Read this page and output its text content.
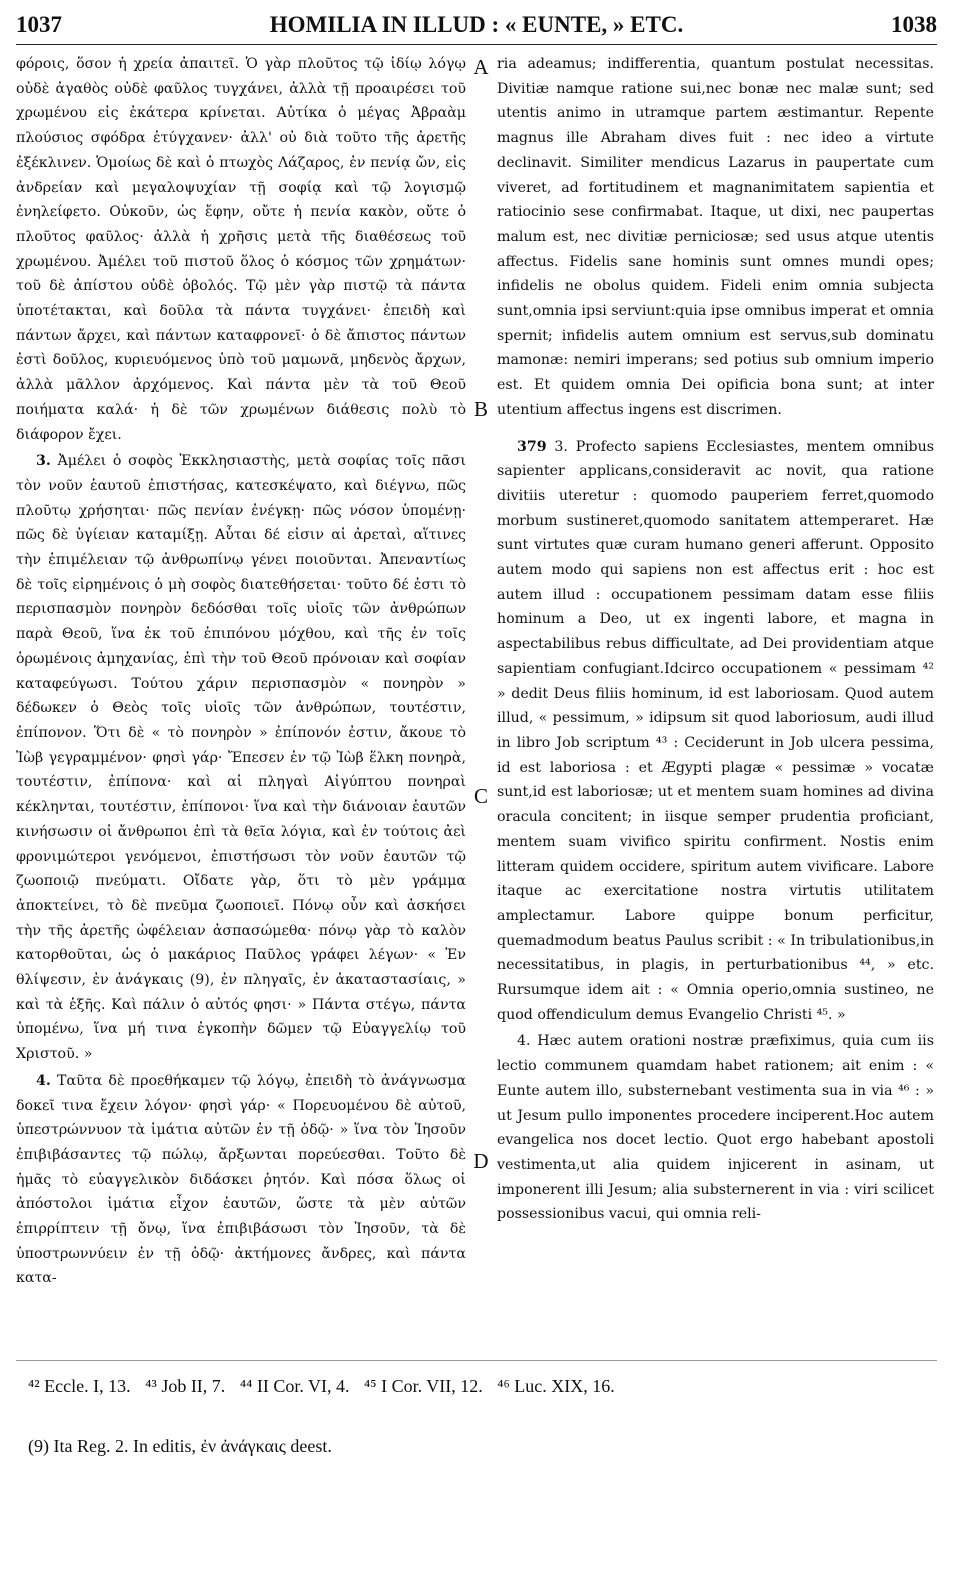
1037	HOMILIA IN ILLUD : « EUNTE, » ETC.	1038

φόροις, ὅσον ἡ χρεία ἀπαιτεῖ. Ὁ γὰρ πλοῦτος τῷ ἰδίῳ λόγῳ οὐδὲ ἀγαθὸς οὐδὲ φαῦλος τυγχάνει, ἀλλὰ τῇ προαιρέσει τοῦ χρωμένου εἰς ἑκάτερα κρίνεται. Αὐτίκα ὁ μέγας Ἀβραὰμ πλούσιος σφόδρα ἐτύγχανεν· ἀλλ' οὐ διὰ τοῦτο τῆς ἀρετῆς ἐξέκλινεν. Ὁμοίως δὲ καὶ ὁ πτωχὸς Λάζαρος, ἐν πενίᾳ ὤν, εἰς ἀνδρείαν καὶ μεγαλοψυχίαν τῇ σοφίᾳ καὶ τῷ λογισμῷ ἐνηλείφετο. Οὐκοῦν, ὡς ἔφην, οὔτε ἡ πενία κακὸν, οὔτε ὁ πλοῦτος φαῦλος· ἀλλὰ ἡ χρῆσις μετὰ τῆς διαθέσεως τοῦ χρωμένου. Ἀμέλει τοῦ πιστοῦ ὅλος ὁ κόσμος τῶν χρημάτων· τοῦ δὲ ἀπίστου οὐδὲ ὀβολός. Τῷ μὲν γὰρ πιστῷ τὰ πάντα ὑποτέτακται, καὶ δοῦλα τὰ πάντα τυγχάνει· ἐπειδὴ καὶ πάντων ἄρχει, καὶ πάντων καταφρονεῖ· ὁ δὲ ἄπιστος πάντων ἐστὶ δοῦλος, κυριευόμενος ὑπὸ τοῦ μαμωνᾶ, μηδενὸς ἄρχων, ἀλλὰ μᾶλλον ἀρχόμενος. Καὶ πάντα μὲν τὰ τοῦ Θεοῦ ποιήματα καλά· ἡ δὲ τῶν χρωμένων διάθεσις πολὺ τὸ διάφορον ἔχει.

3. Ἀμέλει ὁ σοφὸς Ἐκκλησιαστὴς, μετὰ σοφίας τοῖς πᾶσι τὸν νοῦν ἑαυτοῦ ἐπιστήσας, κατεσκέψατο, καὶ διέγνω, πῶς πλοῦτῳ χρήσηται· πῶς πενίαν ἐνέγκῃ· πῶς νόσον ὑπομένῃ· πῶς δὲ ὑγίειαν καταμίξῃ. Αὗται δέ εἰσιν αἱ ἀρεταὶ, αἵτινες τὴν ἐπιμέλειαν τῷ ἀνθρωπίνῳ γένει ποιοῦνται. Ἀπεναντίως δὲ τοῖς εἰρημένοις ὁ μὴ σοφὸς διατεθήσεται· τοῦτο δέ ἐστι τὸ περισπασμὸν πονηρὸν δεδόσθαι τοῖς υἱοῖς τῶν ἀνθρώπων παρὰ Θεοῦ, ἵνα ἐκ τοῦ ἐπιπόνου μόχθου, καὶ τῆς ἐν τοῖς ὁρωμένοις ἀμηχανίας, ἐπὶ τὴν τοῦ Θεοῦ πρόνοιαν καὶ σοφίαν καταφεύγωσι. Τούτου χάριν περισπασμὸν « πονηρὸν » δέδωκεν ὁ Θεὸς τοῖς υἱοῖς τῶν ἀνθρώπων, τουτέστιν, ἐπίπονον. Ὅτι δὲ « τὸ πονηρὸν » ἐπίπονόν ἐστιν, ἄκουε τὸ Ἰὼβ γεγραμμένον· φησὶ γάρ· Ἔπεσεν ἐν τῷ Ἰὼβ ἕλκη πονηρὰ, τουτέστιν, ἐπίπονα· καὶ αἱ πληγαὶ Αἰγύπτου πονηραὶ κέκληνται, τουτέστιν, ἐπίπονοι· ἵνα καὶ τὴν διάνοιαν ἑαυτῶν κινήσωσιν οἱ ἄνθρωποι ἐπὶ τὰ θεῖα λόγια, καὶ ἐν τούτοις ἀεὶ φρονιμώτεροι γενόμενοι, ἐπιστήσωσι τὸν νοῦν ἑαυτῶν τῷ ζωοποιῷ πνεύματι. Οἴδατε γὰρ, ὅτι τὸ μὲν γράμμα ἀποκτείνει, τὸ δὲ πνεῦμα ζωοποιεῖ. Πόνῳ οὖν καὶ ἀσκήσει τὴν τῆς ἀρετῆς ὠφέλειαν ἀσπασώμεθα· πόνῳ γὰρ τὸ καλὸν κατορθοῦται, ὡς ὁ μακάριος Παῦλος γράφει λέγων· « Ἐν θλίψεσιν, ἐν ἀνάγκαις (9), ἐν πληγαῖς, ἐν ἀκαταστασίαις, » καὶ τὰ ἑξῆς. Καὶ πάλιν ὁ αὐτός φησι· » Πάντα στέγω, πάντα ὑπομένω, ἵνα μή τινα ἐγκοπὴν δῶμεν τῷ Εὐαγγελίῳ τοῦ Χριστοῦ. »

4. Ταῦτα δὲ προεθήκαμεν τῷ λόγῳ, ἐπειδὴ τὸ ἀνάγνωσμα δοκεῖ τινα ἔχειν λόγον· φησὶ γάρ· « Πορευομένου δὲ αὐτοῦ, ὑπεστρώννυον τὰ ἱμάτια αὐτῶν ἐν τῇ ὁδῷ· » ἵνα τὸν Ἰησοῦν ἐπιβιβάσαντες τῷ πώλῳ, ἄρξωνται πορεύεσθαι. Τοῦτο δὲ ἡμᾶς τὸ εὐαγγελικὸν διδάσκει ῥητόν. Καὶ πόσα ὅλως οἱ ἀπόστολοι ἱμάτια εἶχον ἑαυτῶν, ὥστε τὰ μὲν αὐτῶν ἐπιρρίπτειν τῇ ὄνῳ, ἵνα ἐπιβιβάσωσι τὸν Ἰησοῦν, τὰ δὲ ὑποστρωννύειν ἐν τῇ ὁδῷ· ἀκτήμονες ἄνδρες, καὶ πάντα κατα-

A
B
C
D

ria adeamus; indifferentia, quantum postulat necessitas. Divitiæ namque ratione sui,nec bonæ nec malæ sunt; sed utentis animo in utramque partem æstimantur. Repente magnus ille Abraham dives fuit : nec ideo a virtute declinavit. Similiter mendicus Lazarus in paupertate cum viveret, ad fortitudinem et magnanimitatem sapientia et ratiocinio sese confirmabat. Itaque, ut dixi, nec paupertas malum est, nec divitiæ perniciosæ; sed usus atque utentis affectus. Fidelis sane hominis sunt omnes mundi opes; infidelis ne obolus quidem. Fideli enim omnia subjecta sunt,omnia ipsi serviunt:quia ipse omnibus imperat et omnia spernit; infidelis autem omnium est servus,sub dominatu mamonæ: nemiri imperans; sed potius sub omnium imperio est. Et quidem omnia Dei opificia bona sunt; at inter utentium affectus ingens est discrimen.

379 3. Profecto sapiens Ecclesiastes, mentem omnibus sapienter applicans,consideravit ac novit, qua ratione divitiis uteretur : quomodo pauperiem ferret,quomodo morbum sustineret,quomodo sanitatem attemperaret. Hæ sunt virtutes quæ curam humano generi afferunt. Opposito autem modo qui sapiens non est affectus erit : hoc est autem illud : occupationem pessimam datam esse filiis hominum a Deo, ut ex ingenti labore, et magna in aspectabilibus rebus difficultate, ad Dei providentiam atque sapientiam confugiant.Idcirco occupationem « pessimam ⁴² » dedit Deus filiis hominum, id est laboriosam. Quod autem illud, « pessimum, » idipsum sit quod laboriosum, audi illud in libro Job scriptum ⁴³ : Ceciderunt in Job ulcera pessima, id est laboriosa : et Ægypti plagæ « pessimæ » vocatæ sunt,id est laboriosæ; ut et mentem suam homines ad divina oracula concitent; in iisque semper prudentia proficiant, mentem suam vivifico spiritu confirment. Nostis enim litteram quidem occidere, spiritum autem vivificare. Labore itaque ac exercitatione nostra virtutis utilitatem amplectamur. Labore quippe bonum perficitur, quemadmodum beatus Paulus scribit : « In tribulationibus,in necessitatibus, in plagis, in perturbationibus ⁴⁴, » etc. Rursumque idem ait : « Omnia operio,omnia sustineo, ne quod offendiculum demus Evangelio Christi ⁴⁵. »

4. Hæc autem orationi nostræ præfiximus, quia cum iis lectio communem quamdam habet rationem; ait enim : « Eunte autem illo, substernebant vestimenta sua in via ⁴⁶ : » ut Jesum pullo imponentes procedere inciperent.Hoc autem evangelica nos docet lectio. Quot ergo habebant apostoli vestimenta,ut alia quidem injicerent in asinam, ut imponerent illi Jesum; alia substernerent in via : viri scilicet possessionibus vacui, qui omnia reli-

⁴² Eccle. I, 13. ⁴³ Job II, 7. ⁴⁴ II Cor. VI, 4. ⁴⁵ I Cor. VII, 12. ⁴⁶ Luc. XIX, 16.
(9) Ita Reg. 2. In editis, ἐν ἀνάγκαις deest.
